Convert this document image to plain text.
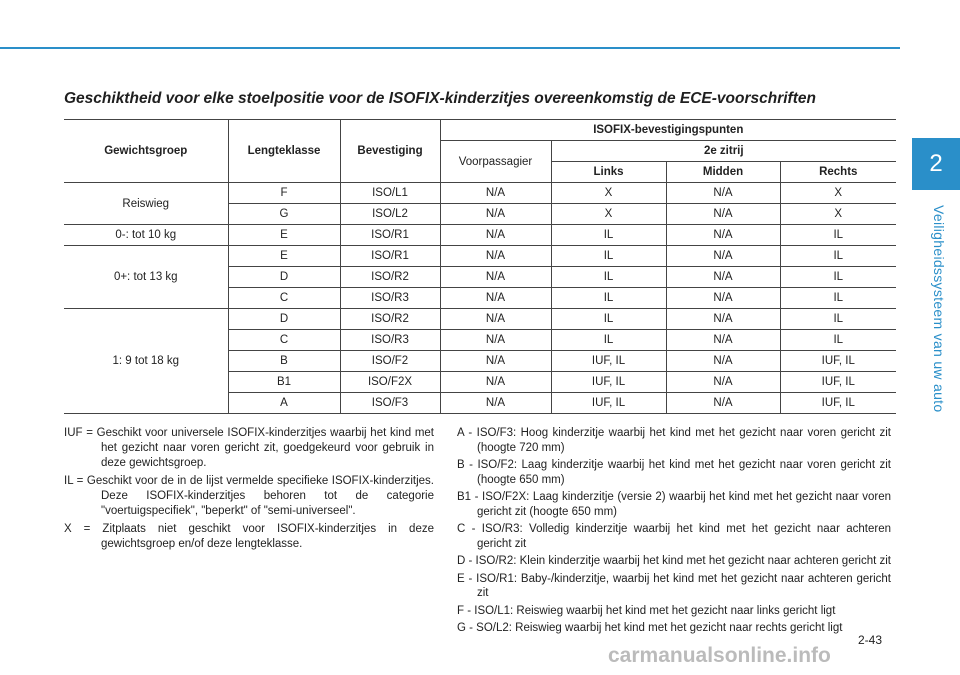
2
Veiligheidssysteem van uw auto
Geschiktheid voor elke stoelpositie voor de ISOFIX-kinderzitjes overeenkomstig de ECE-voorschriften
Gewichtsgroep	Lengteklasse	Bevestiging	ISOFIX-bevestigingspunten			
			Voorpassagier	2e zitrij		
				Links	Midden	Rechts
Reiswieg	F	ISO/L1	N/A	X	N/A	X
	G	ISO/L2	N/A	X	N/A	X
0-: tot 10 kg	E	ISO/R1	N/A	IL	N/A	IL
0+: tot 13 kg	E	ISO/R1	N/A	IL	N/A	IL
	D	ISO/R2	N/A	IL	N/A	IL
	C	ISO/R3	N/A	IL	N/A	IL
1: 9 tot 18 kg	D	ISO/R2	N/A	IL	N/A	IL
	C	ISO/R3	N/A	IL	N/A	IL
	B	ISO/F2	N/A	IUF, IL	N/A	IUF, IL
	B1	ISO/F2X	N/A	IUF, IL	N/A	IUF, IL
	A	ISO/F3	N/A	IUF, IL	N/A	IUF, IL
IUF = Geschikt voor universele ISOFIX-kinderzitjes waarbij het kind met het gezicht naar voren gericht zit, goedgekeurd voor gebruik in deze gewichtsgroep.
IL = Geschikt voor de in de lijst vermelde specifieke ISOFIX-kinderzitjes. Deze ISOFIX-kinderzitjes behoren tot de categorie "voertuigspecifiek", "beperkt" of "semi-universeel".
X = Zitplaats niet geschikt voor ISOFIX-kinderzitjes in deze gewichtsgroep en/of deze lengteklasse.
A - ISO/F3: Hoog kinderzitje waarbij het kind met het gezicht naar voren gericht zit (hoogte 720 mm)
B - ISO/F2: Laag kinderzitje waarbij het kind met het gezicht naar voren gericht zit (hoogte 650 mm)
B1 - ISO/F2X: Laag kinderzitje (versie 2) waarbij het kind met het gezicht naar voren gericht zit (hoogte 650 mm)
C - ISO/R3: Volledig kinderzitje waarbij het kind met het gezicht naar achteren gericht zit
D - ISO/R2: Klein kinderzitje waarbij het kind met het gezicht naar achteren gericht zit
E - ISO/R1: Baby-/kinderzitje, waarbij het kind met het gezicht naar achteren gericht zit
F - ISO/L1: Reiswieg waarbij het kind met het gezicht naar links gericht ligt
G - SO/L2: Reiswieg waarbij het kind met het gezicht naar rechts gericht ligt
2-43
carmanualsonline.info
